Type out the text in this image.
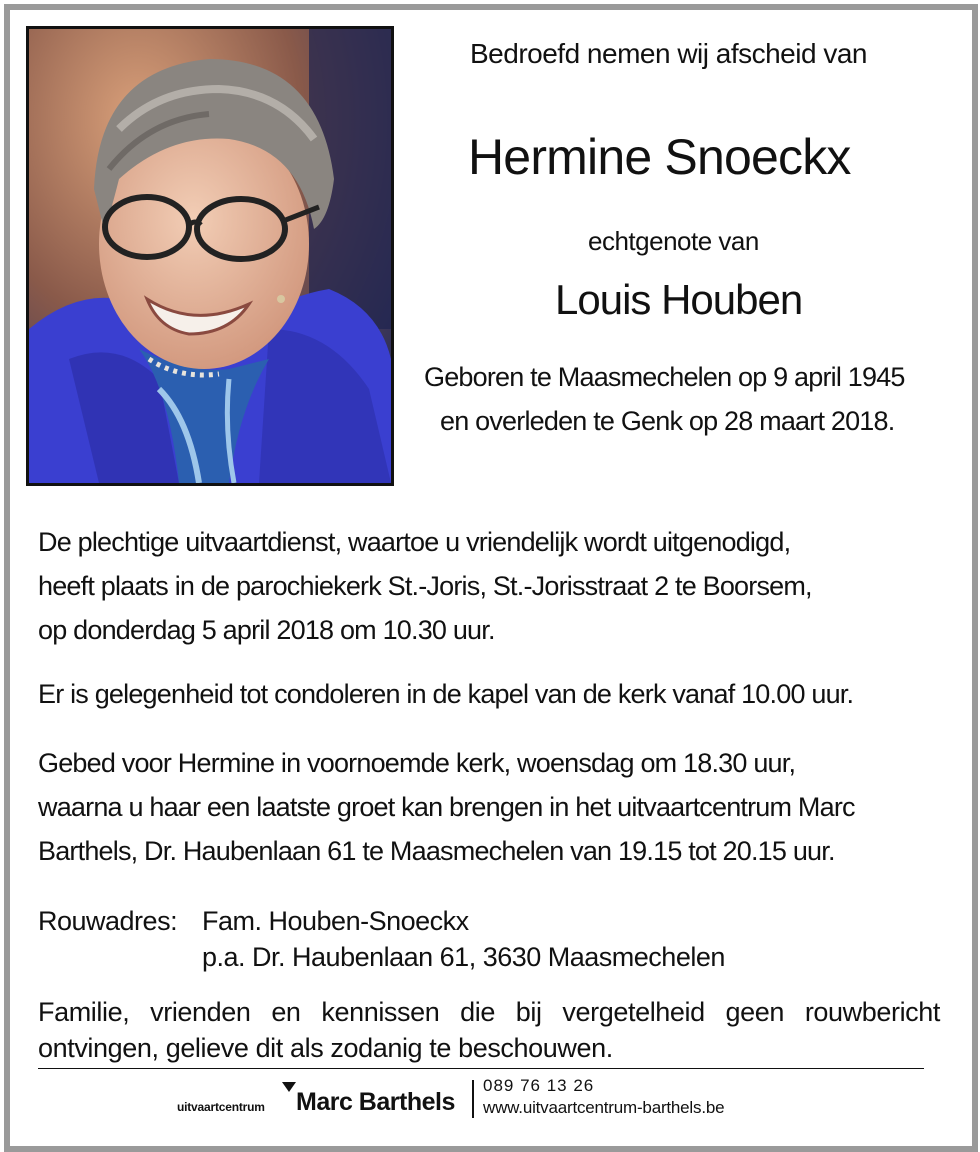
Bedroefd nemen wij afscheid van
Hermine Snoeckx
echtgenote van
Louis Houben
Geboren te Maasmechelen op 9 april 1945
en overleden te Genk op 28 maart 2018.
De plechtige uitvaartdienst, waartoe u vriendelijk wordt uitgenodigd,
heeft plaats in de parochiekerk St.-Joris, St.-Jorisstraat 2 te Boorsem,
op donderdag 5 april 2018 om 10.30 uur.
Er is gelegenheid tot condoleren in de kapel van de kerk vanaf 10.00 uur.
Gebed voor Hermine in voornoemde kerk, woensdag om 18.30 uur,
waarna u haar een laatste groet kan brengen in het uitvaartcentrum Marc
Barthels, Dr. Haubenlaan 61 te Maasmechelen van 19.15 tot 20.15 uur.
Rouwadres: Fam. Houben-Snoeckx
p.a. Dr. Haubenlaan 61, 3630 Maasmechelen
Familie, vrienden en kennissen die bij vergetelheid geen rouwbericht ontvingen, gelieve dit als zodanig te beschouwen.
uitvaartcentrum Marc Barthels
089 76 13 26
www.uitvaartcentrum-barthels.be
